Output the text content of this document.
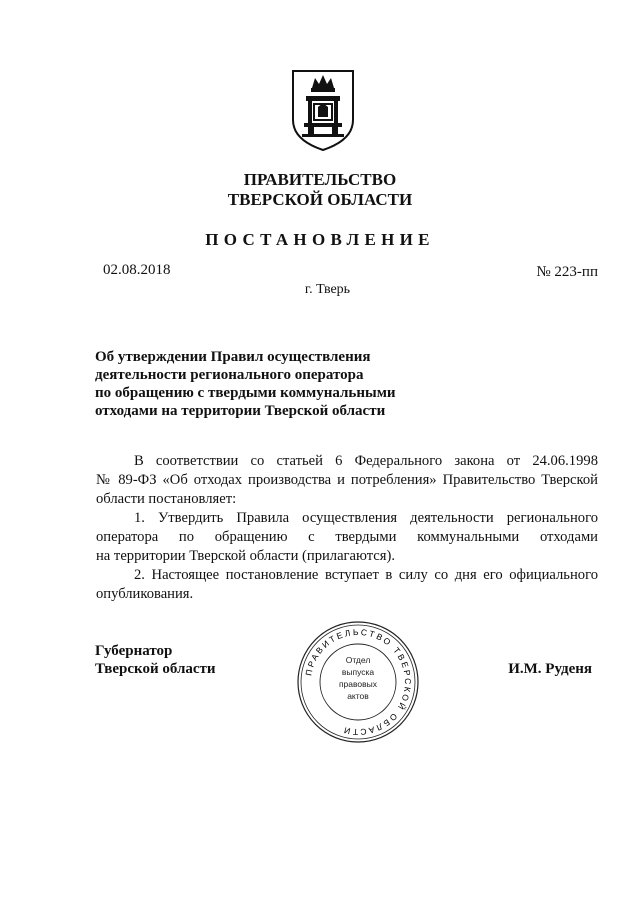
ПРАВИТЕЛЬСТВО
ТВЕРСКОЙ ОБЛАСТИ
ПОСТАНОВЛЕНИЕ
02.08.2018	№ 223-пп
г. Тверь
Об утверждении Правил осуществления
деятельности регионального оператора
по обращению с твердыми коммунальными
отходами на территории Тверской области
В соответствии со статьей 6 Федерального закона от 24.06.1998
№ 89-ФЗ «Об отходах производства и потребления» Правительство Тверской
области постановляет:
1. Утвердить Правила осуществления деятельности регионального
оператора по обращению с твердыми коммунальными отходами
на территории Тверской области (прилагаются).
2. Настоящее постановление вступает в силу со дня его официального
опубликования.
Губернатор
Тверской области	И.М. Руденя
ПРАВИТЕЛЬСТВО ТВЕРСКОЙ ОБЛАСТИ
Отдел
выпуска
правовых
актов
